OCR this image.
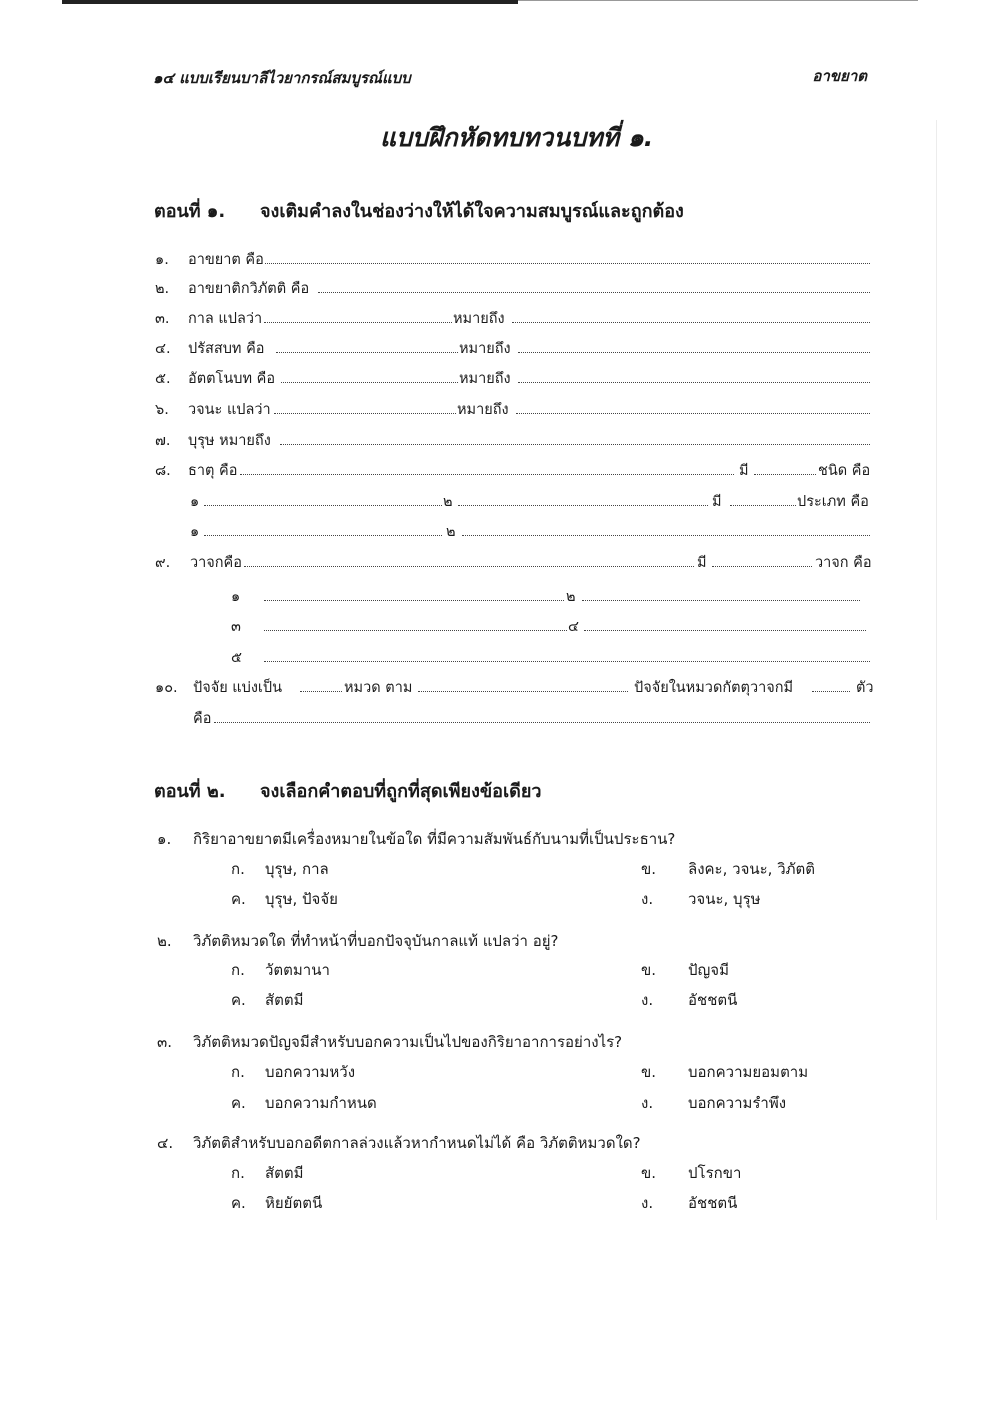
๑๔ แบบเรียนบาลีไวยากรณ์สมบูรณ์แบบ	อาขยาต
แบบฝึกหัดทบทวนบทที่ ๑.
ตอนที่ ๑.	จงเติมคำลงในช่องว่างให้ได้ใจความสมบูรณ์และถูกต้อง
๑. อาขยาต คือ
๒. อาขยาติกวิภัตติ คือ
๓. กาล แปลว่า	หมายถึง
๔. ปรัสสบท คือ	หมายถึง
๕. อัตตโนบท คือ	หมายถึง
๖. วจนะ แปลว่า	หมายถึง
๗. บุรุษ หมายถึง
๘. ธาตุ คือ	มี	ชนิด คือ
๑	๒	มี	ประเภท คือ
๑	๒
๙. วาจกคือ	มี	วาจก คือ
๑	๒
๓	๔
๕
๑๐. ปัจจัย แบ่งเป็น	หมวด ตาม	ปัจจัยในหมวดกัตตุวาจกมี	ตัว
คือ
ตอนที่ ๒.	จงเลือกคำตอบที่ถูกที่สุดเพียงข้อเดียว
๑. กิริยาอาขยาตมีเครื่องหมายในข้อใด ที่มีความสัมพันธ์กับนามที่เป็นประธาน?
ก. บุรุษ, กาล	ข. ลิงคะ, วจนะ, วิภัตติ
ค. บุรุษ, ปัจจัย	ง. วจนะ, บุรุษ
๒. วิภัตติหมวดใด ที่ทำหน้าที่บอกปัจจุบันกาลแท้ แปลว่า อยู่?
ก. วัตตมานา	ข. ปัญจมี
ค. สัตตมี	ง. อัชชตนี
๓. วิภัตติหมวดปัญจมีสำหรับบอกความเป็นไปของกิริยาอาการอย่างไร?
ก. บอกความหวัง	ข. บอกความยอมตาม
ค. บอกความกำหนด	ง. บอกความรำพึง
๔. วิภัตติสำหรับบอกอดีตกาลล่วงแล้วหากำหนดไม่ได้ คือ วิภัตติหมวดใด?
ก. สัตตมี	ข. ปโรกขา
ค. หิยยัตตนี	ง. อัชชตนี
